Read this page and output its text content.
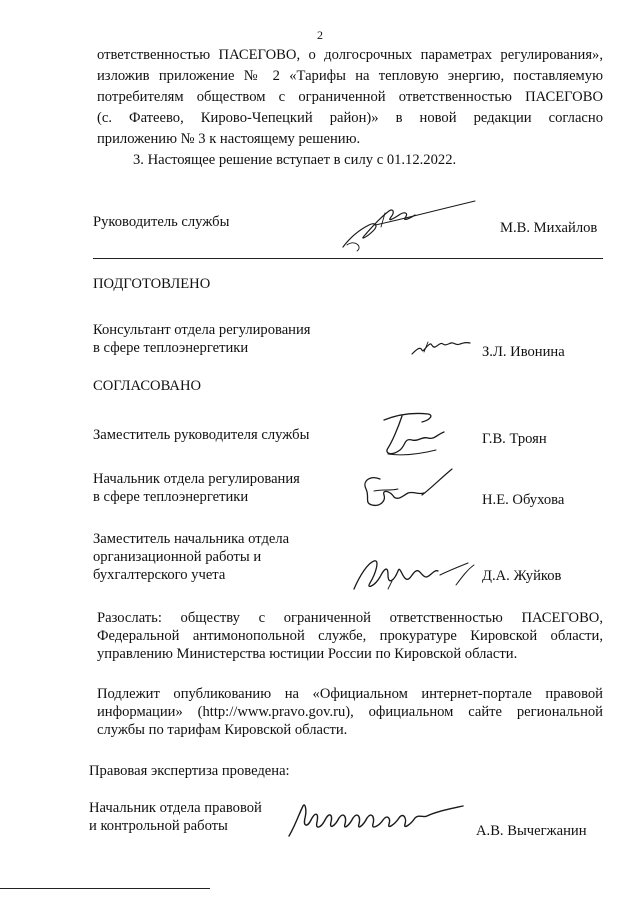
2
ответственностью ПАСЕГОВО, о долгосрочных параметрах регулирования»,
изложив приложение № 2 «Тарифы на тепловую энергию, поставляемую
потребителям обществом с ограниченной ответственностью ПАСЕГОВО
(с. Фатеево, Кирово-Чепецкий район)» в новой редакции согласно
приложению № 3 к настоящему решению.
3. Настоящее решение вступает в силу с 01.12.2022.
Руководитель службы	М.В. Михайлов
ПОДГОТОВЛЕНО
Консультант отдела регулирования
в сфере теплоэнергетики	З.Л. Ивонина
СОГЛАСОВАНО
Заместитель руководителя службы	Г.В. Троян
Начальник отдела регулирования
в сфере теплоэнергетики	Н.Е. Обухова
Заместитель начальника отдела
организационной работы и
бухгалтерского учета	Д.А. Жуйков
Разослать: обществу с ограниченной ответственностью ПАСЕГОВО,
Федеральной антимонопольной службе, прокуратуре Кировской области,
управлению Министерства юстиции России по Кировской области.
Подлежит опубликованию на «Официальном интернет-портале правовой
информации» (http://www.pravo.gov.ru), официальном сайте региональной
службы по тарифам Кировской области.
Правовая экспертиза проведена:
Начальник отдела правовой
и контрольной работы	А.В. Вычегжанин
